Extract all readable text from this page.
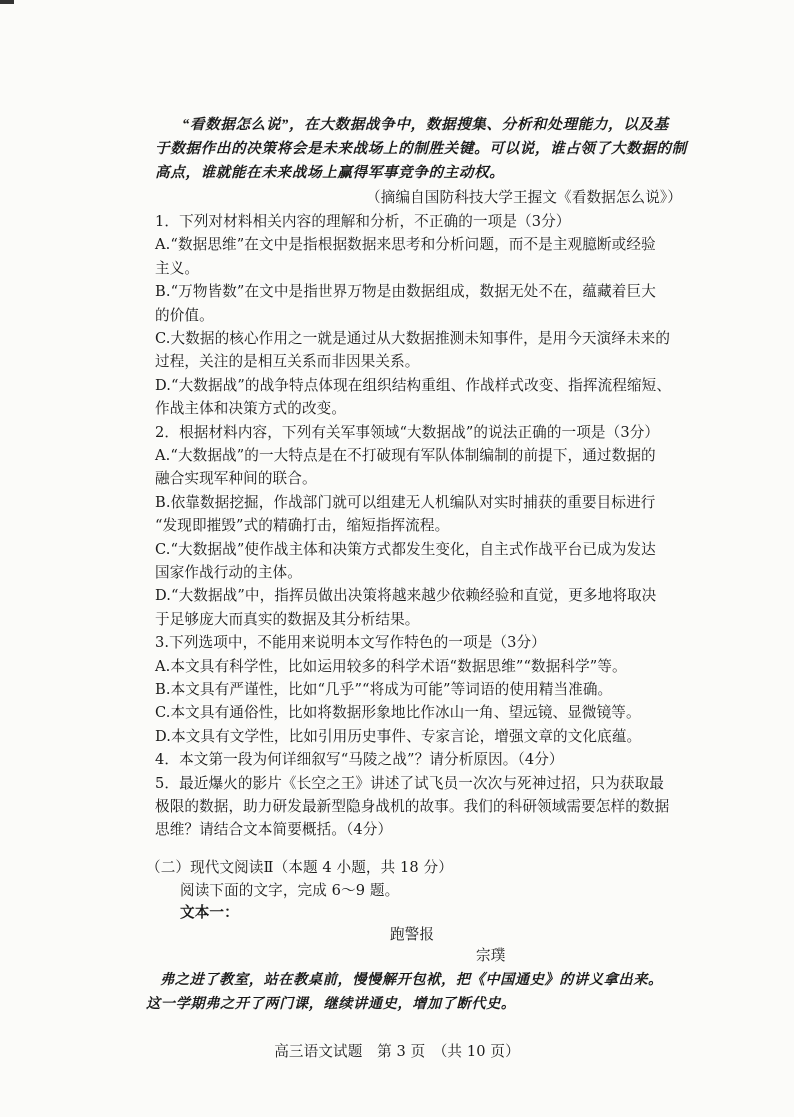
“看数据怎么说”，在大数据战争中，数据搜集、分析和处理能力，以及基
于数据作出的决策将会是未来战场上的制胜关键。可以说，谁占领了大数据的制
高点，谁就能在未来战场上赢得军事竞争的主动权。
（摘编自国防科技大学王握文《看数据怎么说》）
1．下列对材料相关内容的理解和分析，不正确的一项是（3分）
A.“数据思维”在文中是指根据数据来思考和分析问题，而不是主观臆断或经验
主义。
B.“万物皆数”在文中是指世界万物是由数据组成，数据无处不在，蕴藏着巨大
的价值。
C.大数据的核心作用之一就是通过从大数据推测未知事件，是用今天演绎未来的
过程，关注的是相互关系而非因果关系。
D.“大数据战”的战争特点体现在组织结构重组、作战样式改变、指挥流程缩短、
作战主体和决策方式的改变。
2．根据材料内容，下列有关军事领域“大数据战”的说法正确的一项是（3分）
A.“大数据战”的一大特点是在不打破现有军队体制编制的前提下，通过数据的
融合实现军种间的联合。
B.依靠数据挖掘，作战部门就可以组建无人机编队对实时捕获的重要目标进行
“发现即摧毁”式的精确打击，缩短指挥流程。
C.“大数据战”使作战主体和决策方式都发生变化，自主式作战平台已成为发达
国家作战行动的主体。
D.“大数据战”中，指挥员做出决策将越来越少依赖经验和直觉，更多地将取决
于足够庞大而真实的数据及其分析结果。
3.下列选项中，不能用来说明本文写作特色的一项是（3分）
A.本文具有科学性，比如运用较多的科学术语“数据思维”“数据科学”等。
B.本文具有严谨性，比如“几乎”“将成为可能”等词语的使用精当准确。
C.本文具有通俗性，比如将数据形象地比作冰山一角、望远镜、显微镜等。
D.本文具有文学性，比如引用历史事件、专家言论，增强文章的文化底蕴。
4．本文第一段为何详细叙写“马陵之战”？请分析原因。（4分）
5．最近爆火的影片《长空之王》讲述了试飞员一次次与死神过招，只为获取最
极限的数据，助力研发最新型隐身战机的故事。我们的科研领域需要怎样的数据
思维？请结合文本简要概括。（4分）
（二）现代文阅读Ⅱ（本题 4 小题，共 18 分）
阅读下面的文字，完成 6～9 题。
文本一：
跑警报
宗璞
弗之进了教室，站在教桌前，慢慢解开包袱，把《中国通史》的讲义拿出来。
这一学期弗之开了两门课，继续讲通史，增加了断代史。
高三语文试题　第 3 页　（共 10 页）
